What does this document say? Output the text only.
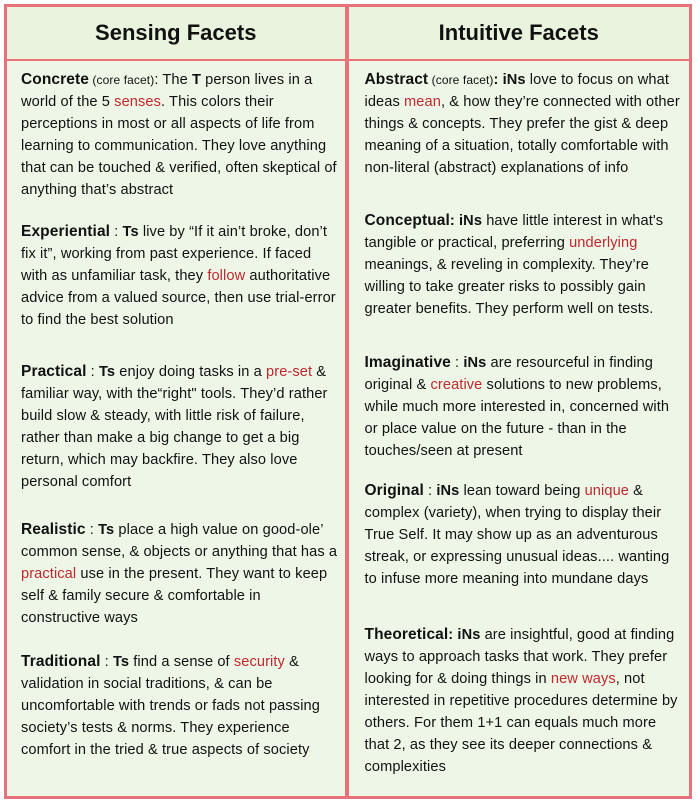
Sensing Facets
Concrete (core facet): The T person lives in a world of the 5 senses. This colors their perceptions in most or all aspects of life from learning to communication. They love anything that can be touched & verified, often skeptical of anything that’s abstract
Experiential : Ts live by “If it ain’t broke, don’t fix it”, working from past experience. If faced with as unfamiliar task, they follow authoritative advice from a valued source, then use trial-error to find the best solution
Practical : Ts enjoy doing tasks in a pre-set & familiar way, with the“right" tools. They’d rather build slow & steady, with little risk of failure, rather than make a big change to get a big return, which may backfire. They also love personal comfort
Realistic : Ts place a high value on good-ole’ common sense, & objects or anything that has a practical use in the present. They want to keep self & family secure & comfortable in constructive ways
Traditional : Ts find a sense of security & validation in social traditions, & can be uncomfortable with trends or fads not passing society’s tests & norms. They experience comfort in the tried & true aspects of society
Intuitive Facets
Abstract (core facet): iNs love to focus on what ideas mean, & how they’re connected with other things & concepts. They prefer the gist & deep meaning of a situation, totally comfortable with non-literal (abstract) explanations of info
Conceptual: iNs have little interest in what's tangible or practical, preferring underlying meanings, & reveling in complexity. They’re willing to take greater risks to possibly gain greater benefits. They perform well on tests.
Imaginative : iNs are resourceful in finding original & creative solutions to new problems, while much more interested in, concerned with or place value on the future - than in the touches/seen at present
Original : iNs lean toward being unique & complex (variety), when trying to display their True Self. It may show up as an adventurous streak, or expressing unusual ideas.... wanting to infuse more meaning into mundane days
Theoretical: iNs are insightful, good at finding ways to approach tasks that work. They prefer looking for & doing things in new ways, not interested in repetitive procedures determine by others. For them 1+1 can equals much more that 2, as they see its deeper connections & complexities
